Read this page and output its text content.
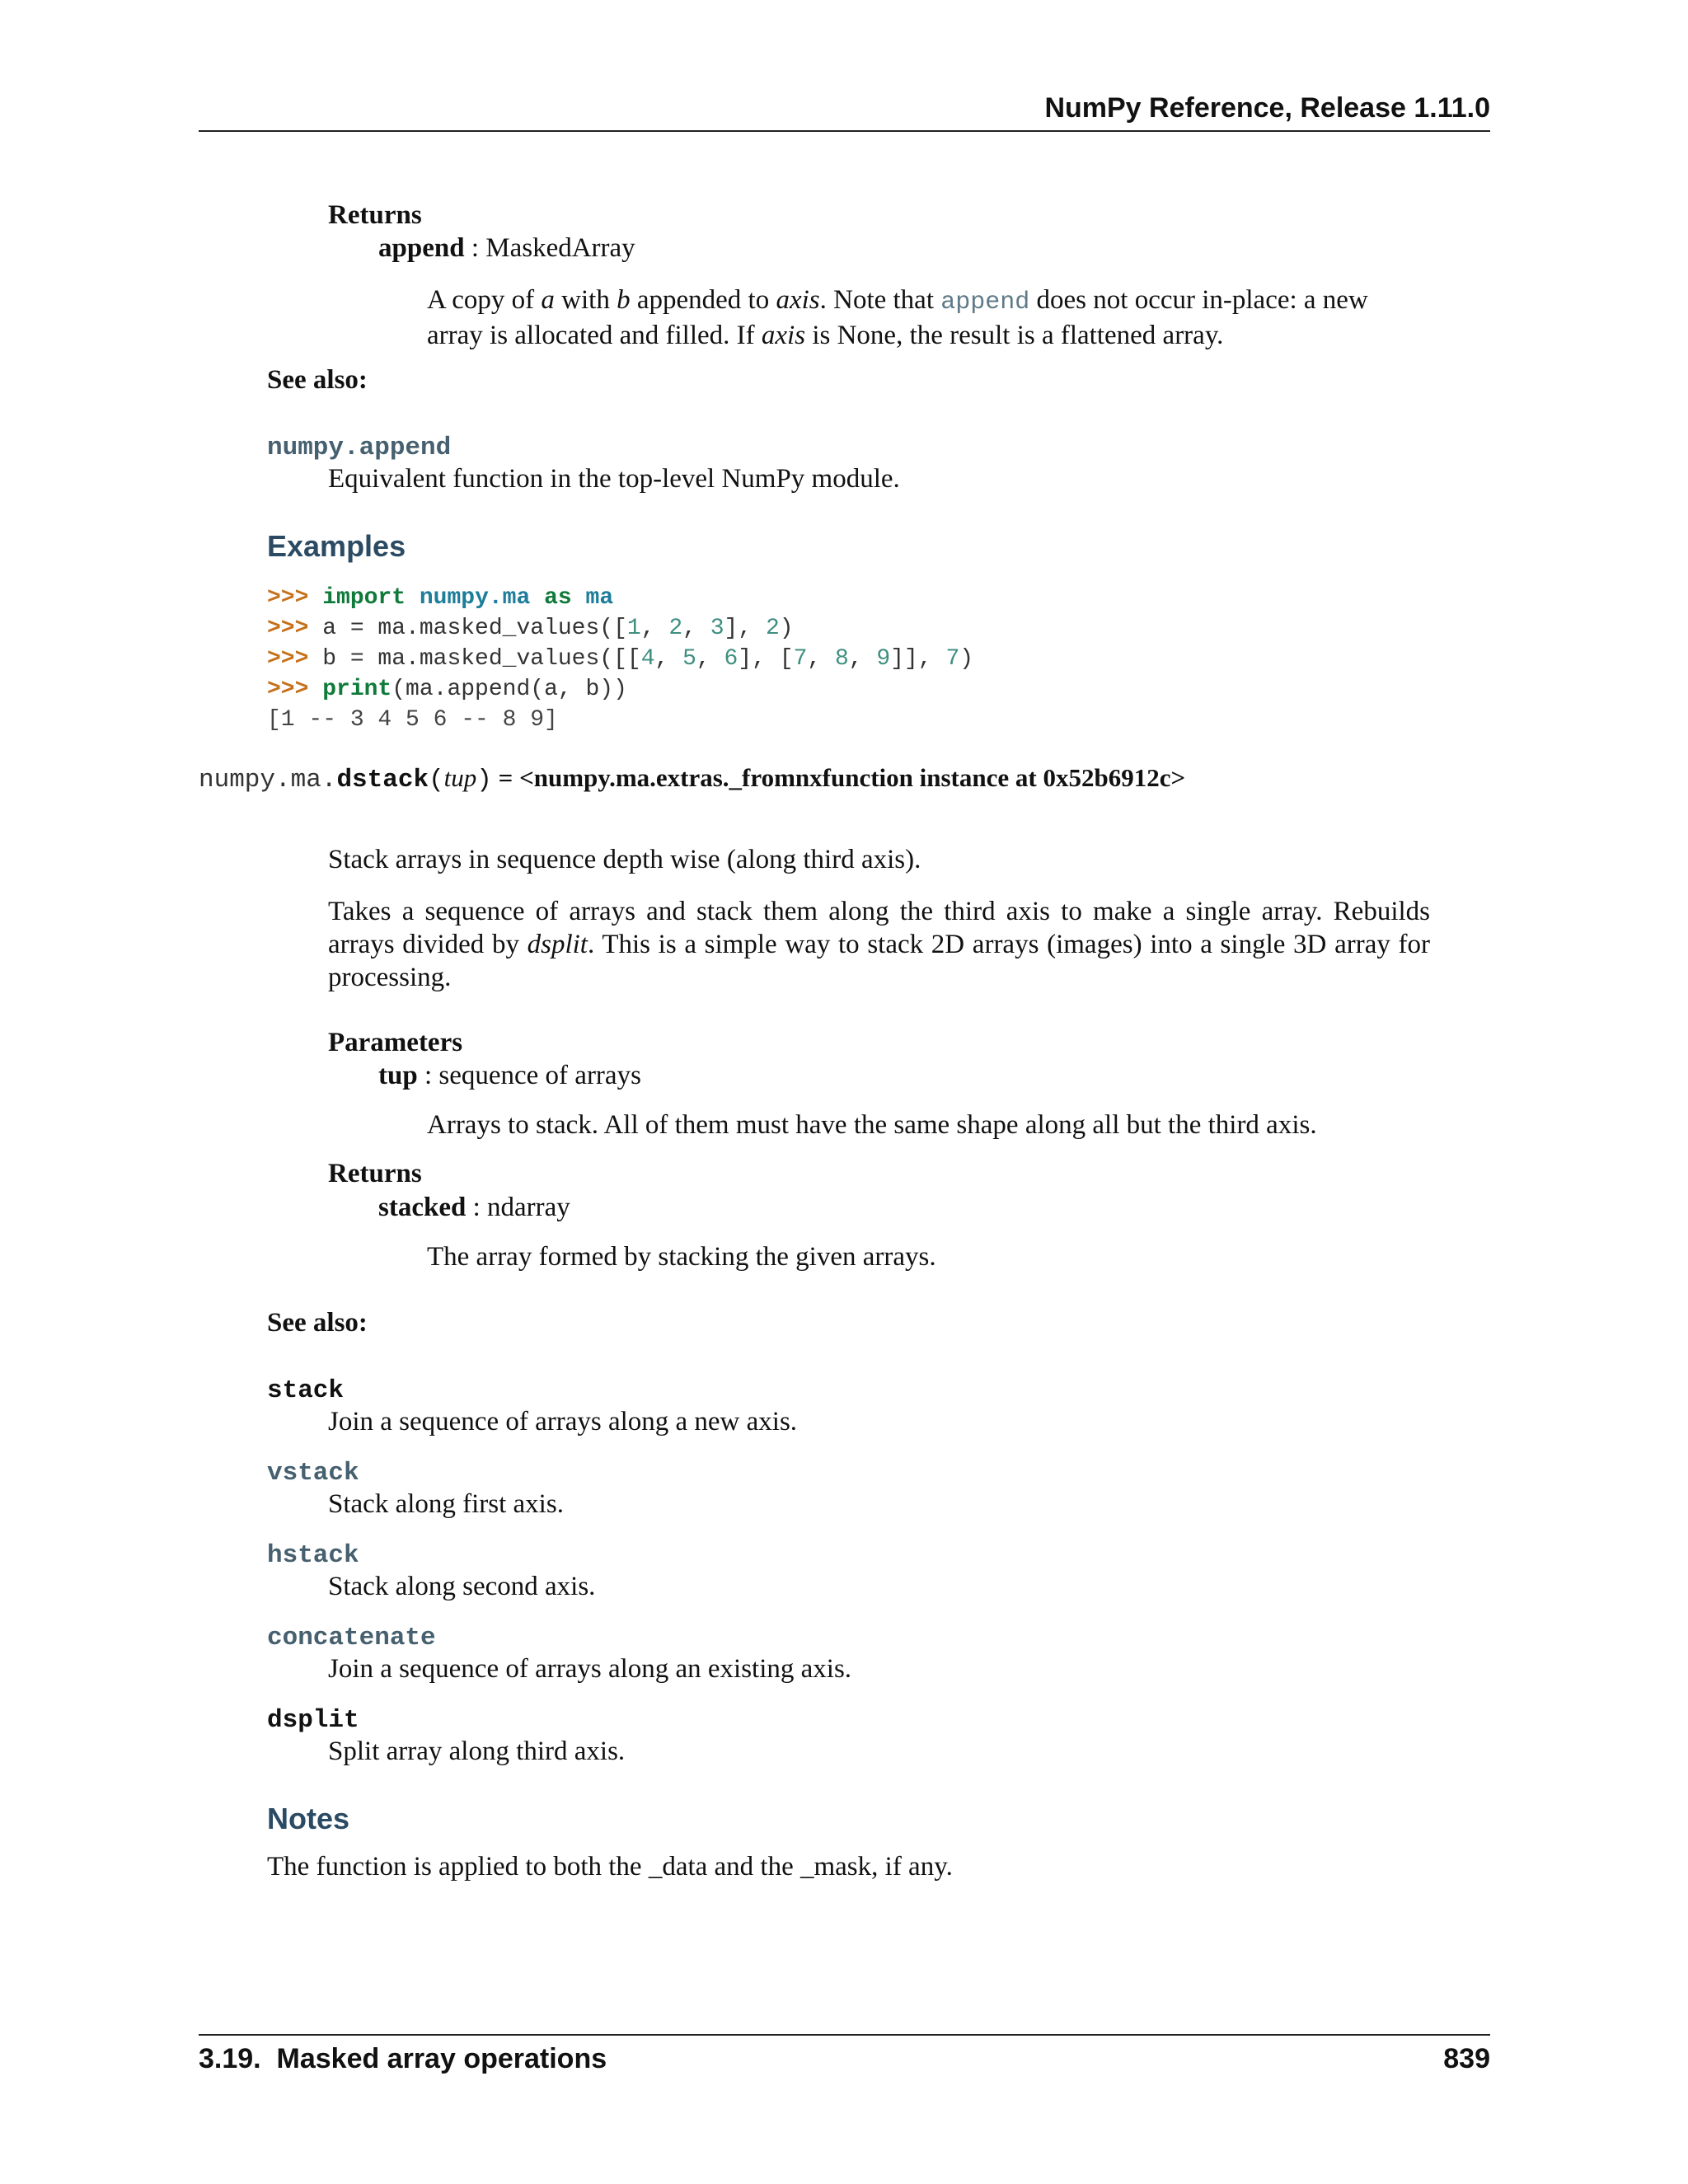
NumPy Reference, Release 1.11.0
Returns
append : MaskedArray
A copy of a with b appended to axis. Note that append does not occur in-place: a new array is allocated and filled. If axis is None, the result is a flattened array.
See also:
numpy.append
Equivalent function in the top-level NumPy module.
Examples
>>> import numpy.ma as ma
>>> a = ma.masked_values([1, 2, 3], 2)
>>> b = ma.masked_values([[4, 5, 6], [7, 8, 9]], 7)
>>> print(ma.append(a, b))
[1 -- 3 4 5 6 -- 8 9]
numpy.ma.dstack(tup) = <numpy.ma.extras._fromnxfunction instance at 0x52b6912c>
Stack arrays in sequence depth wise (along third axis).
Takes a sequence of arrays and stack them along the third axis to make a single array. Rebuilds arrays divided by dsplit. This is a simple way to stack 2D arrays (images) into a single 3D array for processing.
Parameters
tup : sequence of arrays
Arrays to stack. All of them must have the same shape along all but the third axis.
Returns
stacked : ndarray
The array formed by stacking the given arrays.
See also:
stack
Join a sequence of arrays along a new axis.
vstack
Stack along first axis.
hstack
Stack along second axis.
concatenate
Join a sequence of arrays along an existing axis.
dsplit
Split array along third axis.
Notes
The function is applied to both the _data and the _mask, if any.
3.19.  Masked array operations	839
